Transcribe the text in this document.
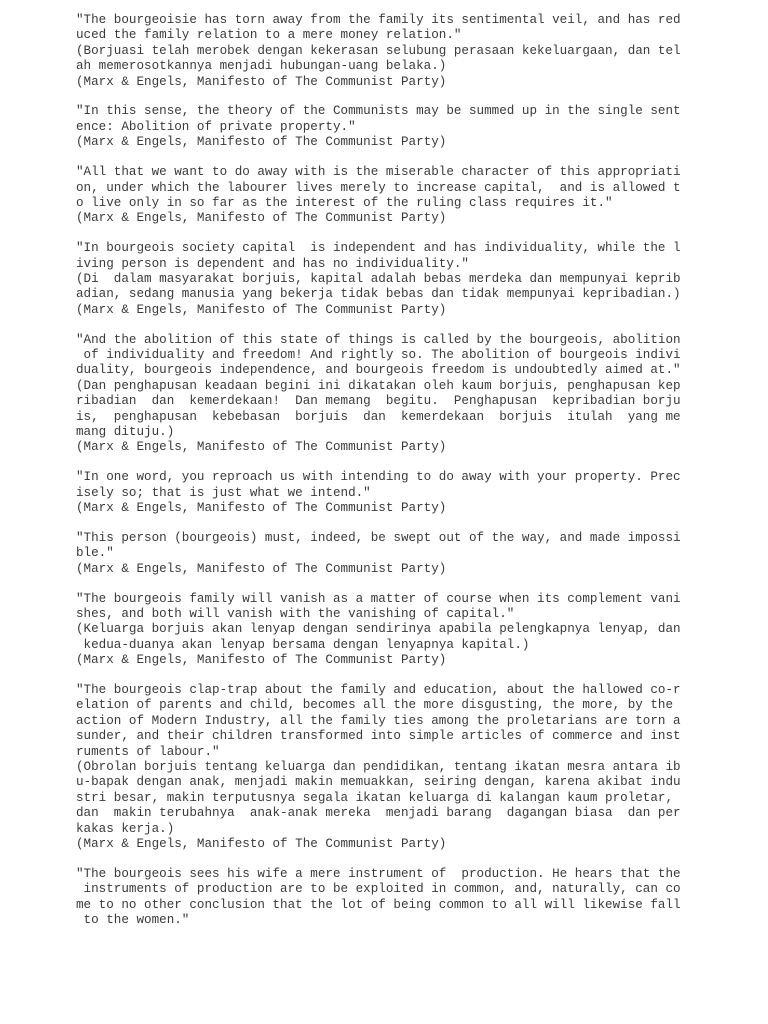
"The bourgeoisie has torn away from the family its sentimental veil, and has red
uced the family relation to a mere money relation."
(Borjuasi telah merobek dengan kekerasan selubung perasaan kekeluargaan, dan tel
ah memerosotkannya menjadi hubungan-uang belaka.)
(Marx & Engels, Manifesto of The Communist Party)
"In this sense, the theory of the Communists may be summed up in the single sent
ence: Abolition of private property."
(Marx & Engels, Manifesto of The Communist Party)
"All that we want to do away with is the miserable character of this appropriati
on, under which the labourer lives merely to increase capital,  and is allowed t
o live only in so far as the interest of the ruling class requires it."
(Marx & Engels, Manifesto of The Communist Party)
"In bourgeois society capital  is independent and has individuality, while the l
iving person is dependent and has no individuality."
(Di  dalam masyarakat borjuis, kapital adalah bebas merdeka dan mempunyai keprib
adian, sedang manusia yang bekerja tidak bebas dan tidak mempunyai kepribadian.)
(Marx & Engels, Manifesto of The Communist Party)
"And the abolition of this state of things is called by the bourgeois, abolition
of individuality and freedom! And rightly so. The abolition of bourgeois indivi
duality, bourgeois independence, and bourgeois freedom is undoubtedly aimed at."
(Dan penghapusan keadaan begini ini dikatakan oleh kaum borjuis, penghapusan kep
ribadian  dan  kemerdekaan!  Dan memang  begitu.  Penghapusan  kepribadian borju
is,  penghapusan  kebebasan  borjuis  dan  kemerdekaan  borjuis  itulah  yang me
mang dituju.)
(Marx & Engels, Manifesto of The Communist Party)
"In one word, you reproach us with intending to do away with your property. Prec
isely so; that is just what we intend."
(Marx & Engels, Manifesto of The Communist Party)
"This person (bourgeois) must, indeed, be swept out of the way, and made impossi
ble."
(Marx & Engels, Manifesto of The Communist Party)
"The bourgeois family will vanish as a matter of course when its complement vani
shes, and both will vanish with the vanishing of capital."
(Keluarga borjuis akan lenyap dengan sendirinya apabila pelengkapnya lenyap, dan
kedua-duanya akan lenyap bersama dengan lenyapnya kapital.)
(Marx & Engels, Manifesto of The Communist Party)
"The bourgeois clap-trap about the family and education, about the hallowed co-r
elation of parents and child, becomes all the more disgusting, the more, by the
action of Modern Industry, all the family ties among the proletarians are torn a
sunder, and their children transformed into simple articles of commerce and inst
ruments of labour."
(Obrolan borjuis tentang keluarga dan pendidikan, tentang ikatan mesra antara ib
u-bapak dengan anak, menjadi makin memuakkan, seiring dengan, karena akibat indu
stri besar, makin terputusnya segala ikatan keluarga di kalangan kaum proletar,
dan  makin terubahnya  anak-anak mereka  menjadi barang  dagangan biasa  dan per
kakas kerja.)
(Marx & Engels, Manifesto of The Communist Party)
"The bourgeois sees his wife a mere instrument of  production. He hears that the
instruments of production are to be exploited in common, and, naturally, can co
me to no other conclusion that the lot of being common to all will likewise fall
to the women."
